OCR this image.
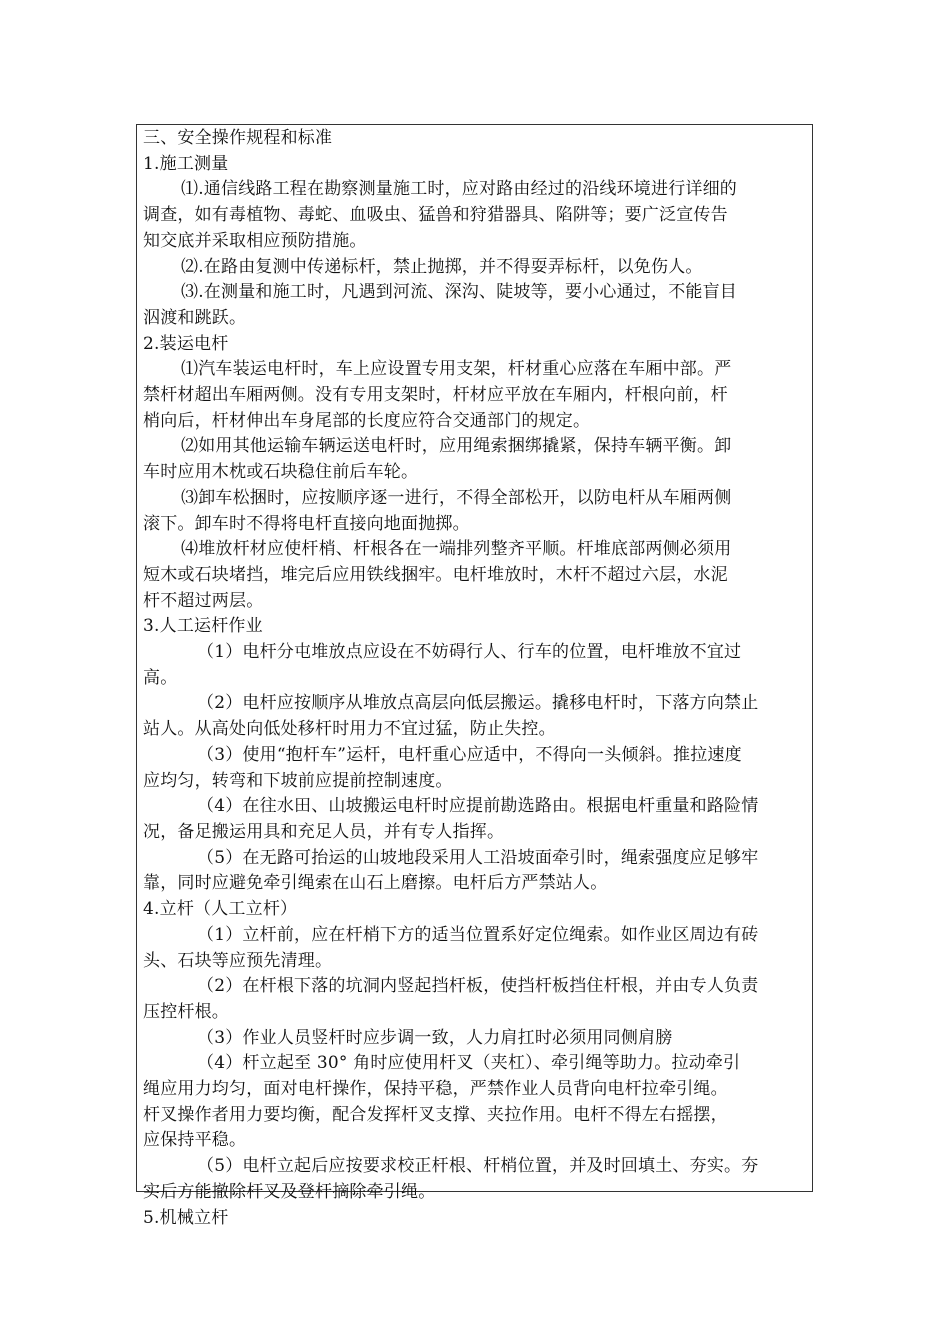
三、安全操作规程和标准
1.施工测量
⑴.通信线路工程在勘察测量施工时，应对路由经过的沿线环境进行详细的
调查，如有毒植物、毒蛇、血吸虫、猛兽和狩猎器具、陷阱等；要广泛宣传告
知交底并采取相应预防措施。
⑵.在路由复测中传递标杆，禁止抛掷，并不得耍弄标杆，以免伤人。
⑶.在测量和施工时，凡遇到河流、深沟、陡坡等，要小心通过，不能盲目
泅渡和跳跃。
2.装运电杆
⑴汽车装运电杆时，车上应设置专用支架，杆材重心应落在车厢中部。严
禁杆材超出车厢两侧。没有专用支架时，杆材应平放在车厢内，杆根向前，杆
梢向后，杆材伸出车身尾部的长度应符合交通部门的规定。
⑵如用其他运输车辆运送电杆时，应用绳索捆绑撬紧，保持车辆平衡。卸
车时应用木枕或石块稳住前后车轮。
⑶卸车松捆时，应按顺序逐一进行，不得全部松开，以防电杆从车厢两侧
滚下。卸车时不得将电杆直接向地面抛掷。
⑷堆放杆材应使杆梢、杆根各在一端排列整齐平顺。杆堆底部两侧必须用
短木或石块堵挡，堆完后应用铁线捆牢。电杆堆放时，木杆不超过六层，水泥
杆不超过两层。
3.人工运杆作业
（1）电杆分屯堆放点应设在不妨碍行人、行车的位置，电杆堆放不宜过
高。
（2）电杆应按顺序从堆放点高层向低层搬运。撬移电杆时，下落方向禁止
站人。从高处向低处移杆时用力不宜过猛，防止失控。
（3）使用“抱杆车”运杆，电杆重心应适中，不得向一头倾斜。推拉速度
应均匀，转弯和下坡前应提前控制速度。
（4）在往水田、山坡搬运电杆时应提前勘选路由。根据电杆重量和路险情
况，备足搬运用具和充足人员，并有专人指挥。
（5）在无路可抬运的山坡地段采用人工沿坡面牵引时，绳索强度应足够牢
靠，同时应避免牵引绳索在山石上磨擦。电杆后方严禁站人。
4.立杆（人工立杆）
（1）立杆前，应在杆梢下方的适当位置系好定位绳索。如作业区周边有砖
头、石块等应预先清理。
（2）在杆根下落的坑洞内竖起挡杆板，使挡杆板挡住杆根，并由专人负责
压控杆根。
（3）作业人员竖杆时应步调一致，人力肩扛时必须用同侧肩膀
（4）杆立起至 30° 角时应使用杆叉（夹杠）、牵引绳等助力。拉动牵引
绳应用力均匀，面对电杆操作，保持平稳，严禁作业人员背向电杆拉牵引绳。
杆叉操作者用力要均衡，配合发挥杆叉支撑、夹拉作用。电杆不得左右摇摆，
应保持平稳。
（5）电杆立起后应按要求校正杆根、杆梢位置，并及时回填土、夯实。夯
实后方能撤除杆叉及登杆摘除牵引绳。
5.机械立杆
